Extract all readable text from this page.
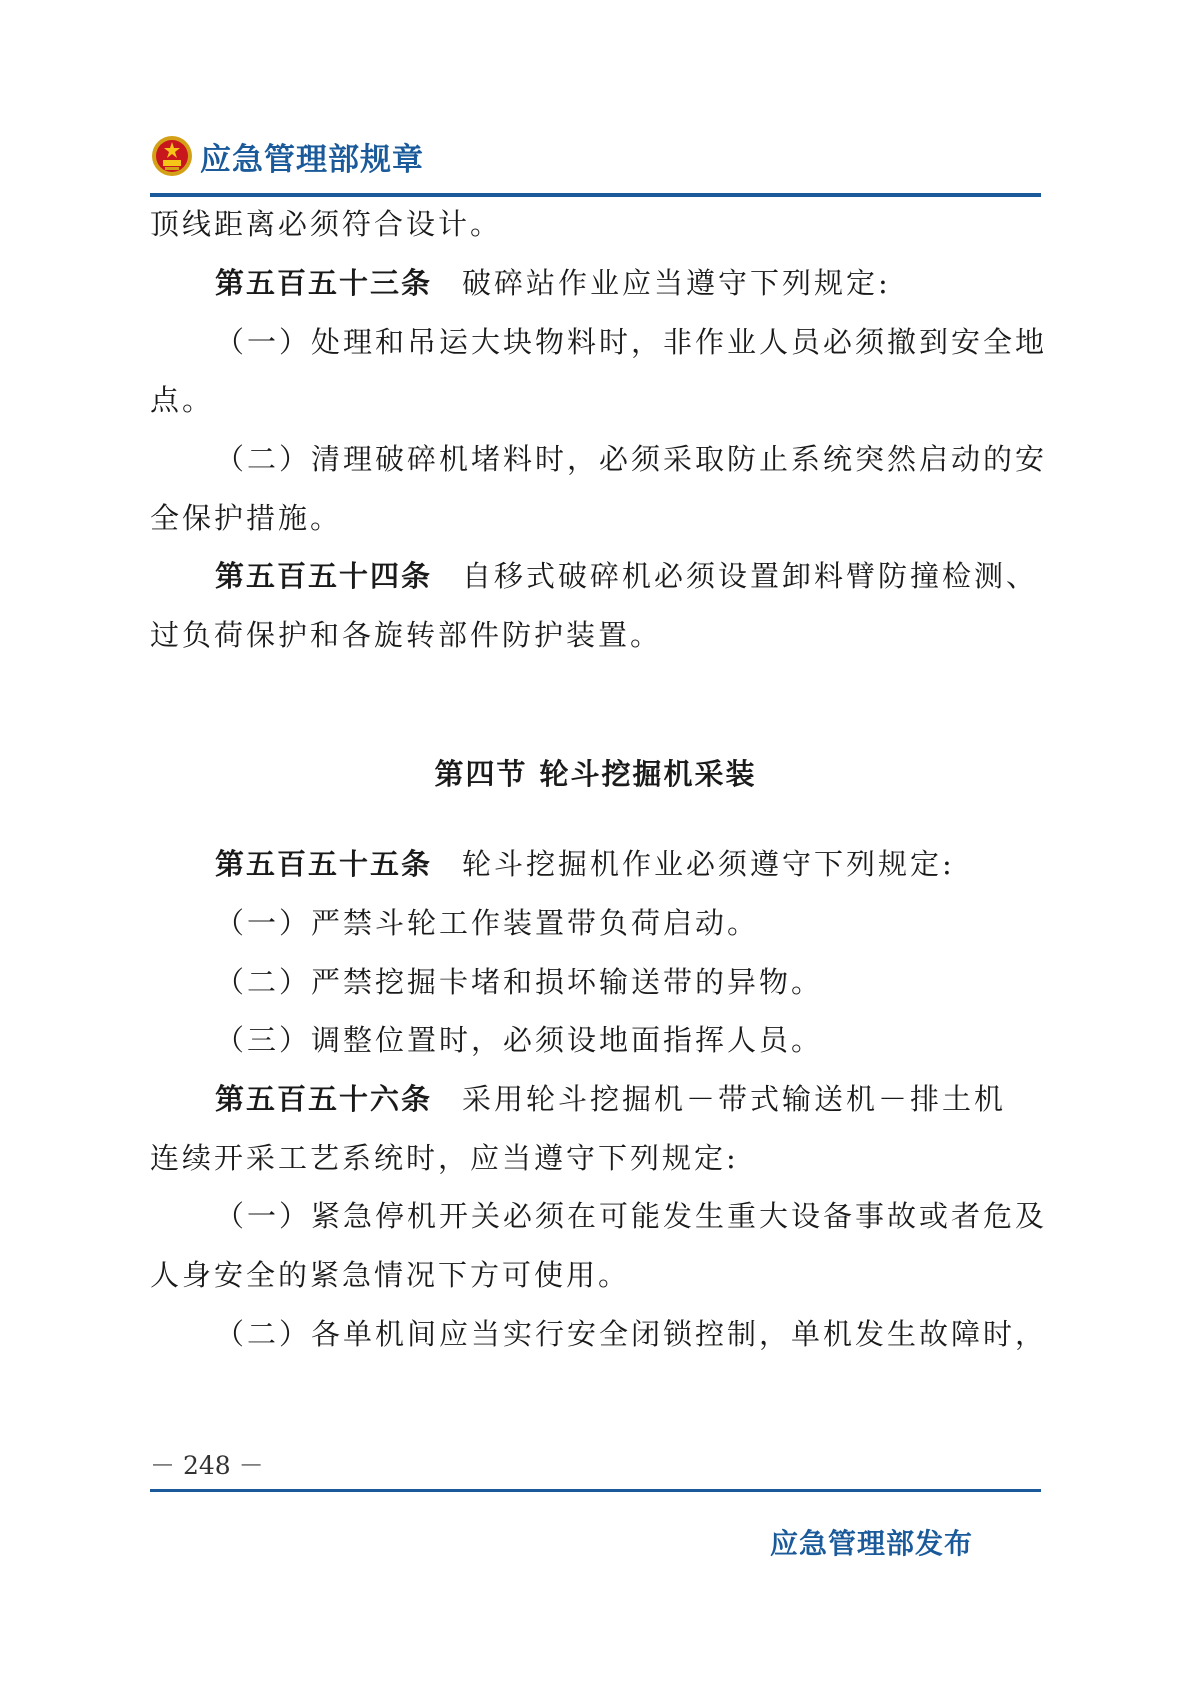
应急管理部规章
顶线距离必须符合设计。
第五百五十三条 破碎站作业应当遵守下列规定:
（一）处理和吊运大块物料时，非作业人员必须撤到安全地
点。
（二）清理破碎机堵料时，必须采取防止系统突然启动的安
全保护措施。
第五百五十四条 自移式破碎机必须设置卸料臂防撞检测、
过负荷保护和各旋转部件防护装置。
第四节 轮斗挖掘机采装
第五百五十五条 轮斗挖掘机作业必须遵守下列规定:
（一）严禁斗轮工作装置带负荷启动。
（二）严禁挖掘卡堵和损坏输送带的异物。
（三）调整位置时，必须设地面指挥人员。
第五百五十六条 采用轮斗挖掘机－带式输送机－排土机
连续开采工艺系统时，应当遵守下列规定:
（一）紧急停机开关必须在可能发生重大设备事故或者危及
人身安全的紧急情况下方可使用。
（二）各单机间应当实行安全闭锁控制，单机发生故障时，
－ 248 －
应急管理部发布
